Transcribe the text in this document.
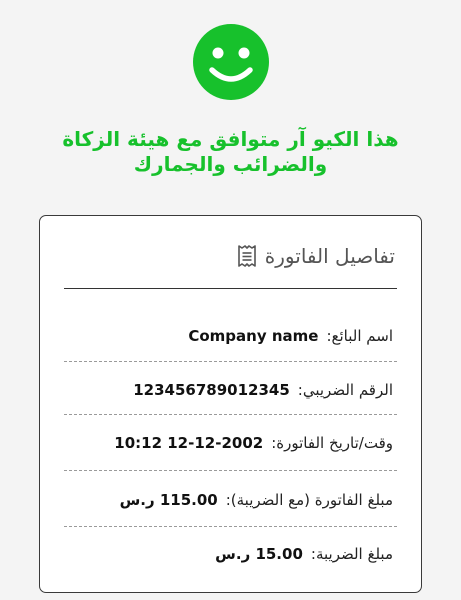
هذا الكيو آر متوافق مع هيئة الزكاة
والضرائب والجمارك
تفاصيل الفاتورة
اسم البائع:
Company name
الرقم الضريبي:
123456789012345
وقت/تاريخ الفاتورة:
12-12-2002 10:12
مبلغ الفاتورة (مع الضريبة):
115.00 ر.س
مبلغ الضريبة:
15.00 ر.س
